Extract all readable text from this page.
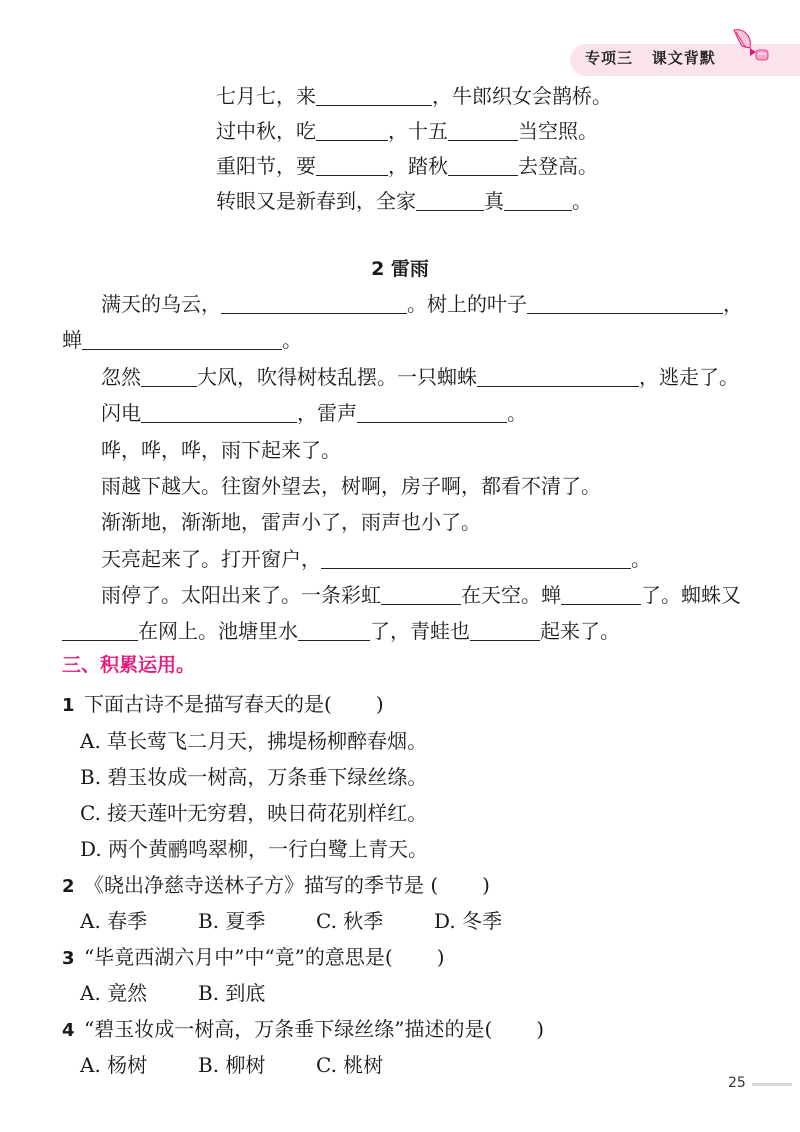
专项三 课文背默
七月七，来	，牛郎织女会鹊桥。
过中秋，吃	，十五	当空照。
重阳节，要	，踏秋	去登高。
转眼又是新春到，全家	真	。
2 雷雨
满天的乌云，	。树上的叶子	，
蝉	。
忽然	大风，吹得树枝乱摆。一只蜘蛛	，逃走了。
闪电	，雷声	。
哗，哗，哗，雨下起来了。
雨越下越大。往窗外望去，树啊，房子啊，都看不清了。
渐渐地，渐渐地，雷声小了，雨声也小了。
天亮起来了。打开窗户，	。
雨停了。太阳出来了。一条彩虹	在天空。蝉	了。蜘蛛又
在网上。池塘里水	了，青蛙也	起来了。
三、积累运用。
1 下面古诗不是描写春天的是( )
A. 草长莺飞二月天，拂堤杨柳醉春烟。
B. 碧玉妆成一树高，万条垂下绿丝绦。
C. 接天莲叶无穷碧，映日荷花别样红。
D. 两个黄鹂鸣翠柳，一行白鹭上青天。
2 《晓出净慈寺送林子方》描写的季节是 ( )
A. 春季	B. 夏季	C. 秋季	D. 冬季
3 “毕竟西湖六月中”中“竟”的意思是( )
A. 竟然	B. 到底
4 “碧玉妆成一树高，万条垂下绿丝绦”描述的是( )
A. 杨树	B. 柳树	C. 桃树
25
